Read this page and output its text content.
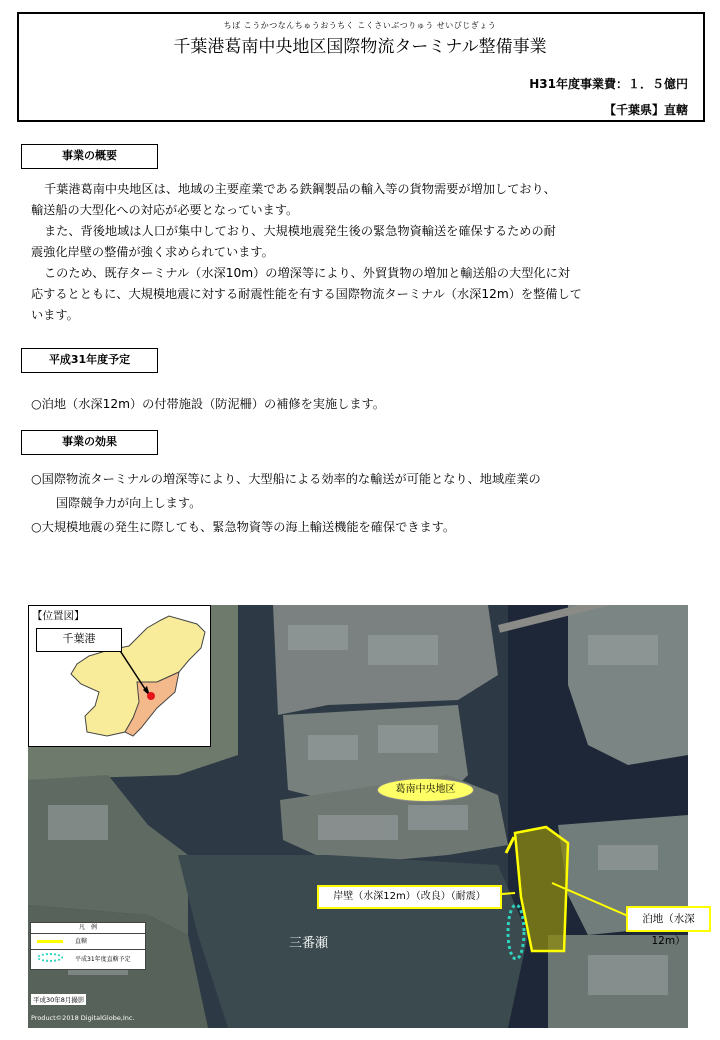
ちば こうかつなんちゅうおうちく こくさいぶつりゅう せいびじぎょう
千葉港葛南中央地区国際物流ターミナル整備事業
H31年度事業費：１．５億円
【千葉県】直轄
事業の概要
千葉港葛南中央地区は、地域の主要産業である鉄鋼製品の輸入等の貨物需要が増加しており、
輸送船の大型化への対応が必要となっています。
また、背後地域は人口が集中しており、大規模地震発生後の緊急物資輸送を確保するための耐
震強化岸壁の整備が強く求められています。
このため、既存ターミナル（水深10m）の増深等により、外貿貨物の増加と輸送船の大型化に対
応するとともに、大規模地震に対する耐震性能を有する国際物流ターミナル（水深12m）を整備して
います。
平成31年度予定
○泊地（水深12m）の付帯施設（防泥柵）の補修を実施します。
事業の効果
○国際物流ターミナルの増深等により、大型船による効率的な輸送が可能となり、地域産業の
国際競争力が向上します。
○大規模地震の発生に際しても、緊急物資等の海上輸送機能を確保できます。
葛南中央地区
岸壁（水深12m）（改良）（耐震）
泊地（水深12m）
三番瀬
【位置図】
千葉港
凡　例
直轄
平成31年度直轄予定
平成30年8月撮影
Product©2018 DigitalGlobe,Inc.
